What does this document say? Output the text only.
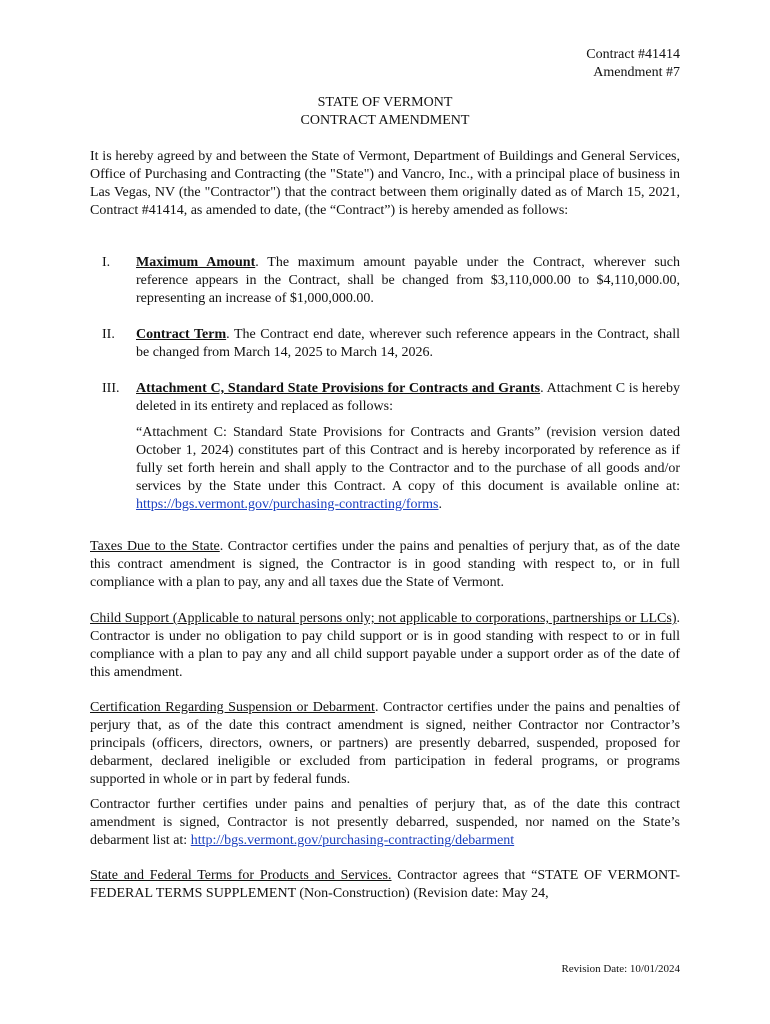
Contract #41414
Amendment #7
STATE OF VERMONT
CONTRACT AMENDMENT
It is hereby agreed by and between the State of Vermont, Department of Buildings and General Services, Office of Purchasing and Contracting (the "State") and Vancro, Inc., with a principal place of business in Las Vegas, NV (the "Contractor") that the contract between them originally dated as of March 15, 2021, Contract #41414, as amended to date, (the “Contract”) is hereby amended as follows:
I. Maximum Amount. The maximum amount payable under the Contract, wherever such reference appears in the Contract, shall be changed from $3,110,000.00 to $4,110,000.00, representing an increase of $1,000,000.00.
II. Contract Term. The Contract end date, wherever such reference appears in the Contract, shall be changed from March 14, 2025 to March 14, 2026.
III. Attachment C, Standard State Provisions for Contracts and Grants. Attachment C is hereby deleted in its entirety and replaced as follows:
“Attachment C: Standard State Provisions for Contracts and Grants” (revision version dated October 1, 2024) constitutes part of this Contract and is hereby incorporated by reference as if fully set forth herein and shall apply to the Contractor and to the purchase of all goods and/or services by the State under this Contract. A copy of this document is available online at: https://bgs.vermont.gov/purchasing-contracting/forms.
Taxes Due to the State. Contractor certifies under the pains and penalties of perjury that, as of the date this contract amendment is signed, the Contractor is in good standing with respect to, or in full compliance with a plan to pay, any and all taxes due the State of Vermont.
Child Support (Applicable to natural persons only; not applicable to corporations, partnerships or LLCs). Contractor is under no obligation to pay child support or is in good standing with respect to or in full compliance with a plan to pay any and all child support payable under a support order as of the date of this amendment.
Certification Regarding Suspension or Debarment. Contractor certifies under the pains and penalties of perjury that, as of the date this contract amendment is signed, neither Contractor nor Contractor’s principals (officers, directors, owners, or partners) are presently debarred, suspended, proposed for debarment, declared ineligible or excluded from participation in federal programs, or programs supported in whole or in part by federal funds.
Contractor further certifies under pains and penalties of perjury that, as of the date this contract amendment is signed, Contractor is not presently debarred, suspended, nor named on the State’s debarment list at: http://bgs.vermont.gov/purchasing-contracting/debarment
State and Federal Terms for Products and Services. Contractor agrees that “STATE OF VERMONT- FEDERAL TERMS SUPPLEMENT (Non-Construction) (Revision date: May 24,
Revision Date: 10/01/2024
